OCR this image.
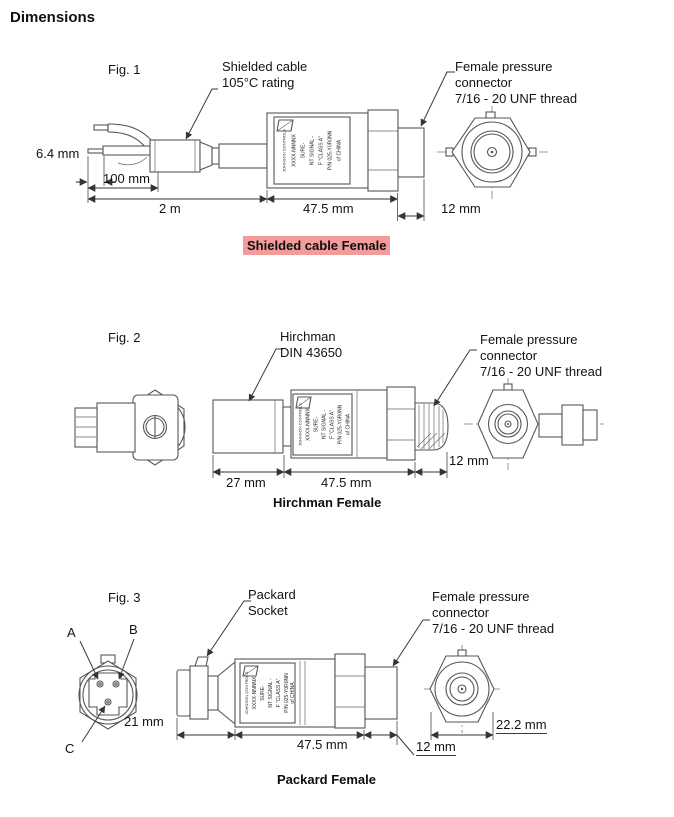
JOHNSON CONTROLS XXXX-NNNNX SURE- NT SIGNAL - F "CLASS A" P/N 025-Y0R0NN of CHINA
JOHNSON CONTROLS XXXX-NNNNX SURE- NT SIGNAL - F "CLASS A" P/N 025-Y0R0NN of CHINA
JOHNSON CONTROLS XXXX-NNNNX SURE- NT SIGNAL - F "CLASS A" P/N 025-Y0R0NN of CHINA
Dimensions
Fig. 1	Shielded cable
105°C rating
Female pressure
connector
7/16 - 20 UNF thread
6.4 mm
100 mm
2 m	47.5 mm	12 mm
Shielded cable Female
Fig. 2	Hirchman
DIN 43650
Female pressure
connector
7/16 - 20 UNF thread
27 mm	47.5 mm
12 mm
Hirchman Female
Fig. 3	Packard
Socket
Female pressure
connector
7/16 - 20 UNF thread
A	B
C
21 mm
47.5 mm	12 mm
22.2 mm
Packard Female
